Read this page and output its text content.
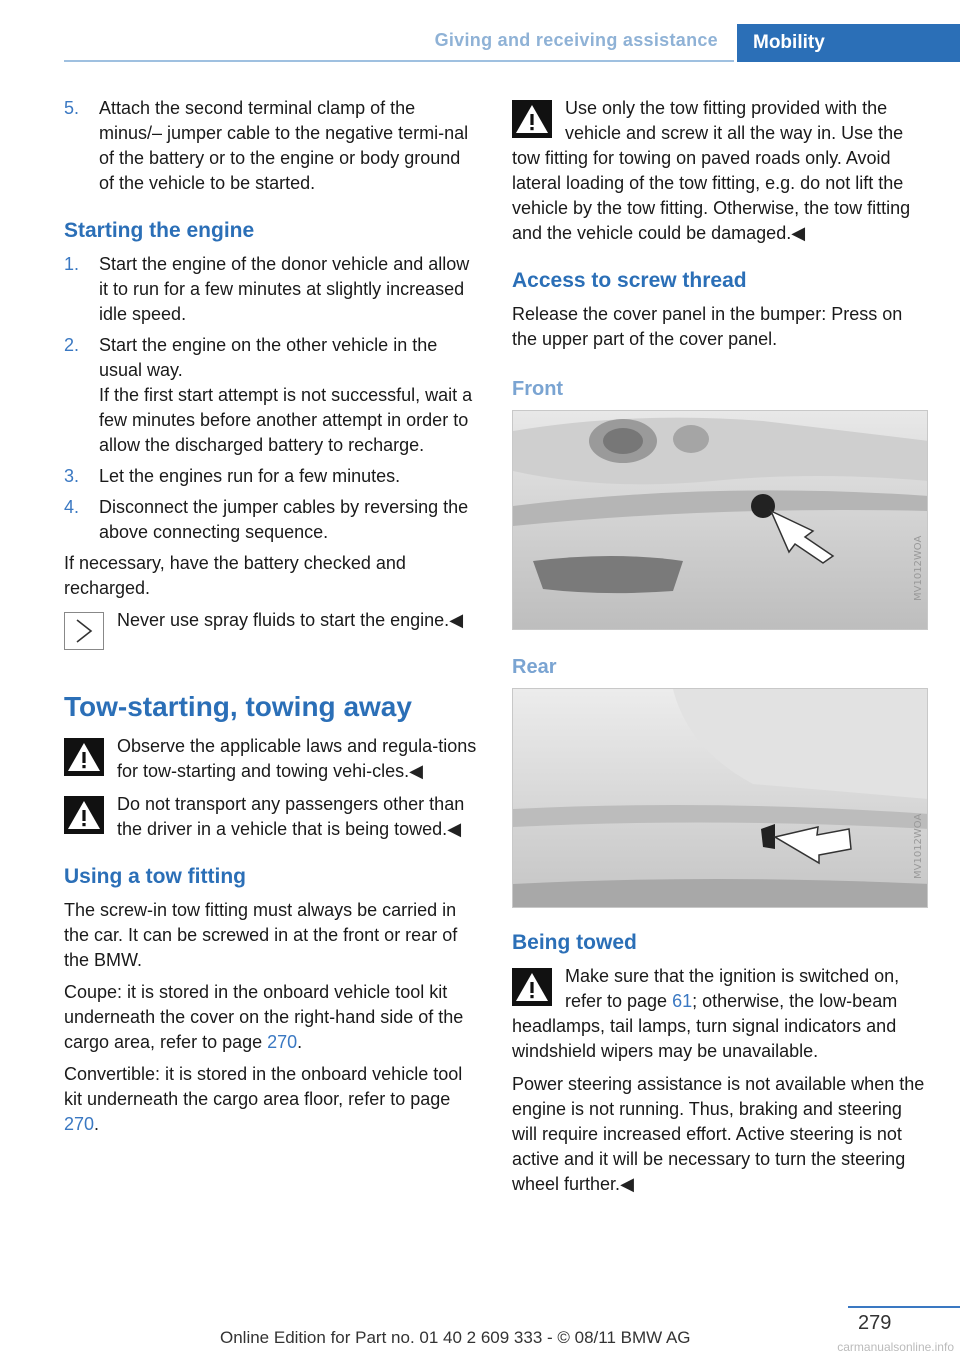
Giving and receiving assistance	Mobility
5.	Attach the second terminal clamp of the minus/– jumper cable to the negative termi-nal of the battery or to the engine or body ground of the vehicle to be started.
Starting the engine
1.	Start the engine of the donor vehicle and allow it to run for a few minutes at slightly increased idle speed.
2.	Start the engine on the other vehicle in the usual way.
If the first start attempt is not successful, wait a few minutes before another attempt in order to allow the discharged battery to recharge.
3.	Let the engines run for a few minutes.
4.	Disconnect the jumper cables by reversing the above connecting sequence.

If necessary, have the battery checked and recharged.

Never use spray fluids to start the engine.◀
Tow-starting, towing away
Observe the applicable laws and regula-tions for tow-starting and towing vehi-cles.◀
Do not transport any passengers other than the driver in a vehicle that is being towed.◀
Using a tow fitting

The screw-in tow fitting must always be carried in the car. It can be screwed in at the front or rear of the BMW.

Coupe: it is stored in the onboard vehicle tool kit underneath the cover on the right-hand side of the cargo area, refer to page 270.

Convertible: it is stored in the onboard vehicle tool kit underneath the cargo area floor, refer to page 270.

Use only the tow fitting provided with the vehicle and screw it all the way in. Use the tow fitting for towing on paved roads only. Avoid lateral loading of the tow fitting, e.g. do not lift the vehicle by the tow fitting. Otherwise, the tow fitting and the vehicle could be damaged.◀
Access to screw thread

Release the cover panel in the bumper: Press on the upper part of the cover panel.

Front
MV1012WOA
Rear
MV1012WOA
Being towed
Make sure that the ignition is switched on, refer to page 61; otherwise, the low-beam headlamps, tail lamps, turn signal indicators and windshield wipers may be unavailable.

Power steering assistance is not available when the engine is not running. Thus, braking and steering will require increased effort. Active steering is not active and it will be necessary to turn the steering wheel further.◀

279
Online Edition for Part no. 01 40 2 609 333 - © 08/11 BMW AG	carmanualsonline.info
